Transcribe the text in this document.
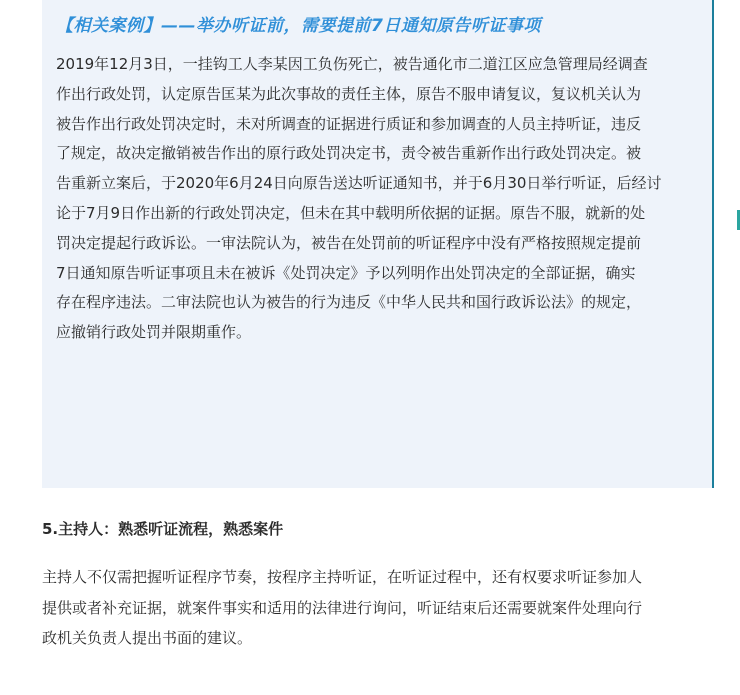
【相关案例】——举办听证前，需要提前7日通知原告听证事项
2019年12月3日，一挂钩工人李某因工负伤死亡，被告通化市二道江区应急管理局经调查
作出行政处罚，认定原告匡某为此次事故的责任主体，原告不服申请复议，复议机关认为
被告作出行政处罚决定时，未对所调查的证据进行质证和参加调查的人员主持听证，违反
了规定，故决定撤销被告作出的原行政处罚决定书，责令被告重新作出行政处罚决定。被
告重新立案后，于2020年6月24日向原告送达听证通知书，并于6月30日举行听证，后经讨
论于7月9日作出新的行政处罚决定，但未在其中载明所依据的证据。原告不服，就新的处
罚决定提起行政诉讼。一审法院认为，被告在处罚前的听证程序中没有严格按照规定提前
7日通知原告听证事项且未在被诉《处罚决定》予以列明作出处罚决定的全部证据，确实
存在程序违法。二审法院也认为被告的行为违反《中华人民共和国行政诉讼法》的规定，
应撤销行政处罚并限期重作。
5.主持人：熟悉听证流程，熟悉案件
主持人不仅需把握听证程序节奏，按程序主持听证，在听证过程中，还有权要求听证参加人
提供或者补充证据，就案件事实和适用的法律进行询问，听证结束后还需要就案件处理向行
政机关负责人提出书面的建议。
